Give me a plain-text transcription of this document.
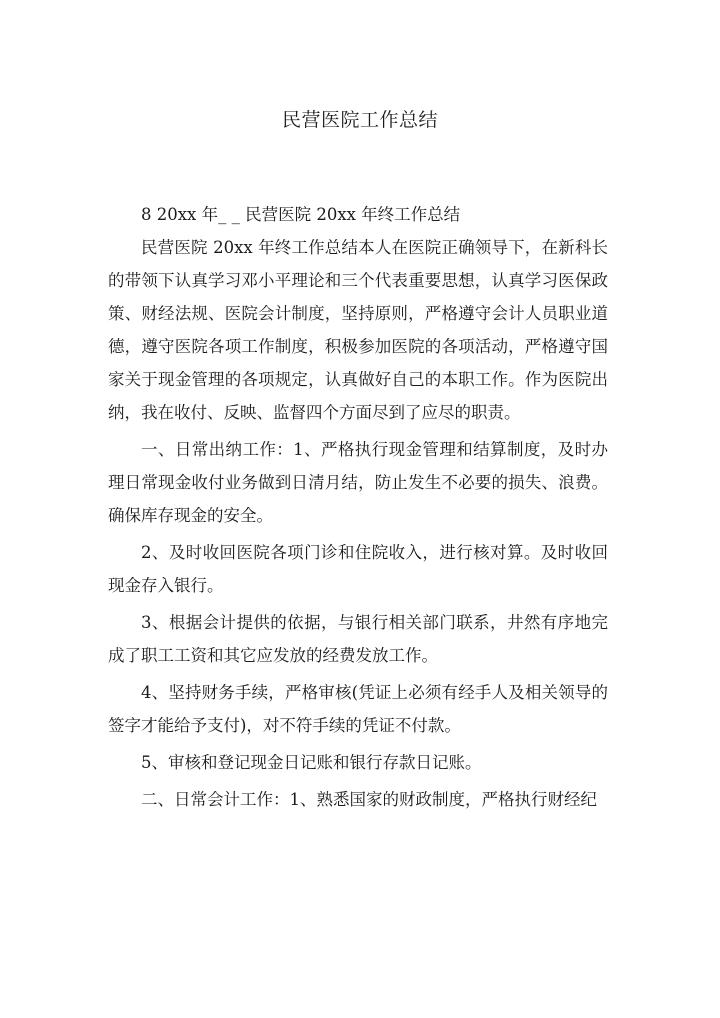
民营医院工作总结

8 20xx 年_ _ 民营医院 20xx 年终工作总结

民营医院 20xx 年终工作总结本人在医院正确领导下，在新科长的带领下认真学习邓小平理论和三个代表重要思想，认真学习医保政策、财经法规、医院会计制度，坚持原则，严格遵守会计人员职业道德，遵守医院各项工作制度，积极参加医院的各项活动，严格遵守国家关于现金管理的各项规定，认真做好自己的本职工作。作为医院出纳，我在收付、反映、监督四个方面尽到了应尽的职责。

一、日常出纳工作：1、严格执行现金管理和结算制度，及时办理日常现金收付业务做到日清月结，防止发生不必要的损失、浪费。确保库存现金的安全。

2、及时收回医院各项门诊和住院收入，进行核对算。及时收回现金存入银行。

3、根据会计提供的依据，与银行相关部门联系，井然有序地完成了职工工资和其它应发放的经费发放工作。

4、坚持财务手续，严格审核(凭证上必须有经手人及相关领导的签字才能给予支付)，对不符手续的凭证不付款。

5、审核和登记现金日记账和银行存款日记账。

二、日常会计工作：1、熟悉国家的财政制度，严格执行财经纪
